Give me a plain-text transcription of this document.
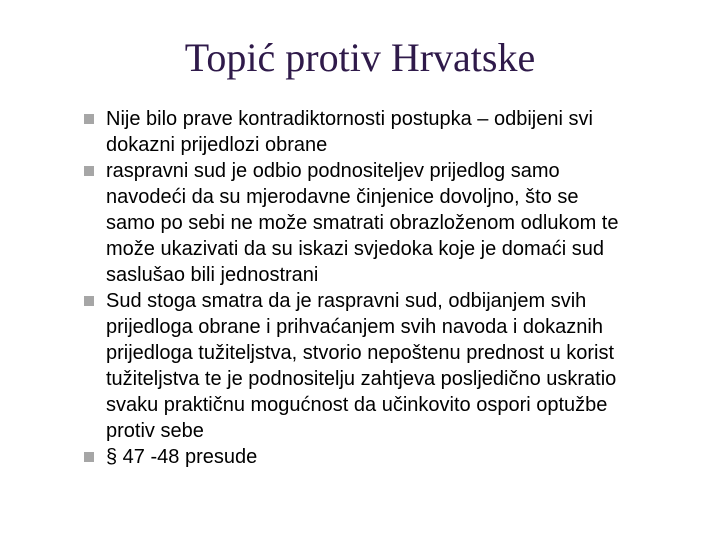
Topić protiv Hrvatske
Nije bilo prave kontradiktornosti postupka – odbijeni svi
dokazni prijedlozi obrane
raspravni sud je odbio podnositeljev prijedlog samo
navodeći da su mjerodavne činjenice dovoljno, što se
samo po sebi ne može smatrati obrazloženom odlukom te
može ukazivati da su iskazi svjedoka koje je domaći sud
saslušao bili jednostrani
Sud stoga smatra da je raspravni sud, odbijanjem svih
prijedloga obrane i prihvaćanjem svih navoda i dokaznih
prijedloga tužiteljstva, stvorio nepoštenu prednost u korist
tužiteljstva te je podnositelju zahtjeva posljedično uskratio
svaku praktičnu mogućnost da učinkovito ospori optužbe
protiv sebe
§ 47 -48 presude
